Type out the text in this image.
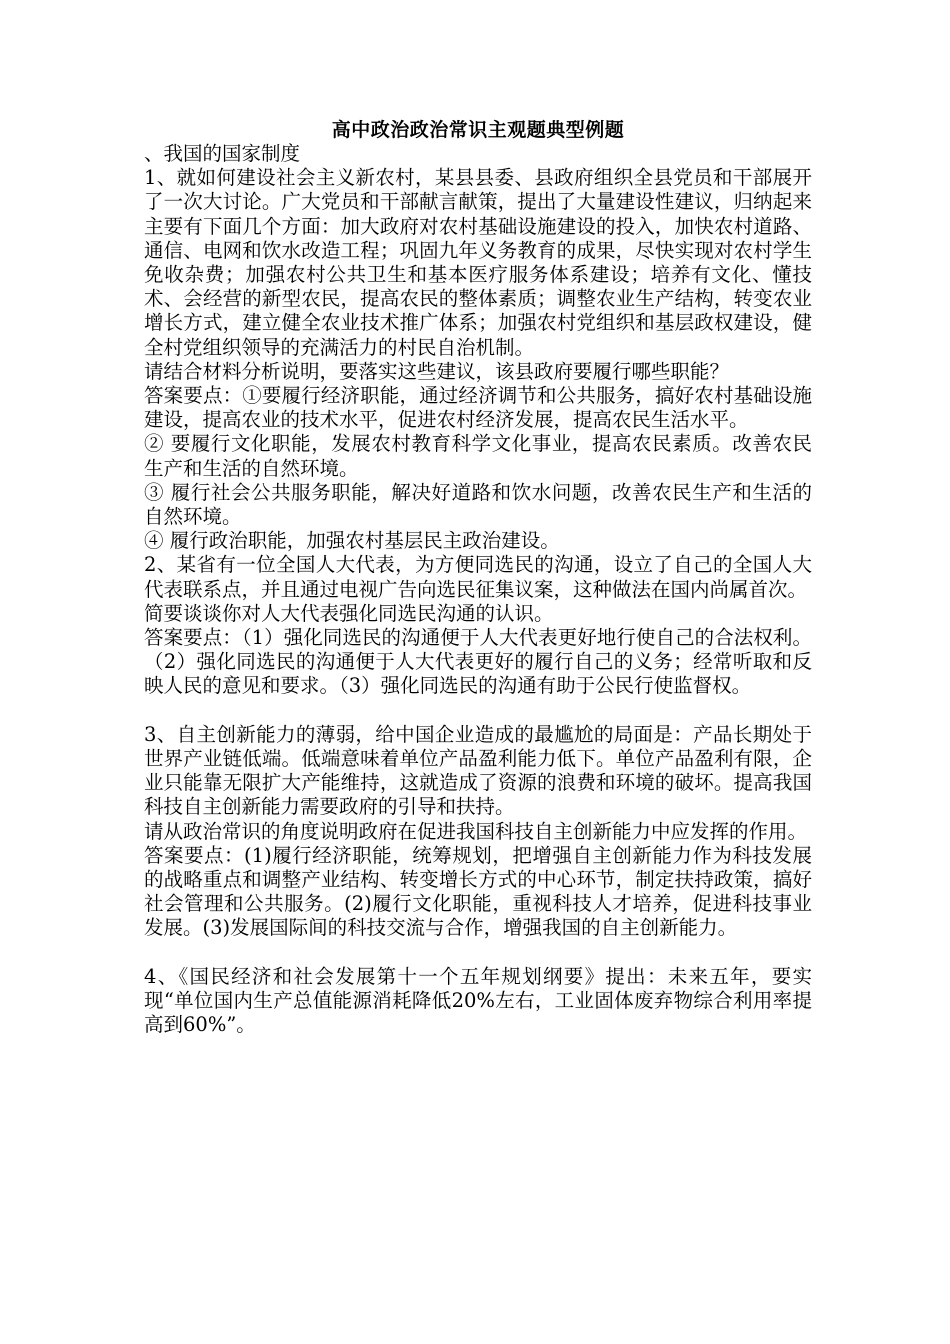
高中政治政治常识主观题典型例题

、我国的国家制度

1、就如何建设社会主义新农村，某县县委、县政府组织全县党员和干部展开了一次大讨论。广大党员和干部献言献策，提出了大量建设性建议，归纳起来主要有下面几个方面：加大政府对农村基础设施建设的投入，加快农村道路、通信、电网和饮水改造工程；巩固九年义务教育的成果，尽快实现对农村学生免收杂费；加强农村公共卫生和基本医疗服务体系建设；培养有文化、懂技术、会经营的新型农民，提高农民的整体素质；调整农业生产结构，转变农业增长方式，建立健全农业技术推广体系；加强农村党组织和基层政权建设，健全村党组织领导的充满活力的村民自治机制。

请结合材料分析说明，要落实这些建议，该县政府要履行哪些职能？

答案要点：①要履行经济职能，通过经济调节和公共服务，搞好农村基础设施建设，提高农业的技术水平，促进农村经济发展，提高农民生活水平。

② 要履行文化职能，发展农村教育科学文化事业，提高农民素质。改善农民生产和生活的自然环境。

③ 履行社会公共服务职能，解决好道路和饮水问题，改善农民生产和生活的自然环境。

④ 履行政治职能，加强农村基层民主政治建设。

2、某省有一位全国人大代表，为方便同选民的沟通，设立了自己的全国人大代表联系点，并且通过电视广告向选民征集议案，这种做法在国内尚属首次。

简要谈谈你对人大代表强化同选民沟通的认识。

答案要点：（1）强化同选民的沟通便于人大代表更好地行使自己的合法权利。（2）强化同选民的沟通便于人大代表更好的履行自己的义务；经常听取和反映人民的意见和要求。（3）强化同选民的沟通有助于公民行使监督权。

3、自主创新能力的薄弱，给中国企业造成的最尴尬的局面是：产品长期处于世界产业链低端。低端意味着单位产品盈利能力低下。单位产品盈利有限，企业只能靠无限扩大产能维持，这就造成了资源的浪费和环境的破坏。提高我国科技自主创新能力需要政府的引导和扶持。

请从政治常识的角度说明政府在促进我国科技自主创新能力中应发挥的作用。

答案要点：(1)履行经济职能，统筹规划，把增强自主创新能力作为科技发展的战略重点和调整产业结构、转变增长方式的中心环节，制定扶持政策，搞好社会管理和公共服务。(2)履行文化职能，重视科技人才培养，促进科技事业发展。(3)发展国际间的科技交流与合作，增强我国的自主创新能力。

4、《国民经济和社会发展第十一个五年规划纲要》提出：未来五年，要实现“单位国内生产总值能源消耗降低20%左右，工业固体废弃物综合利用率提高到60%”。
